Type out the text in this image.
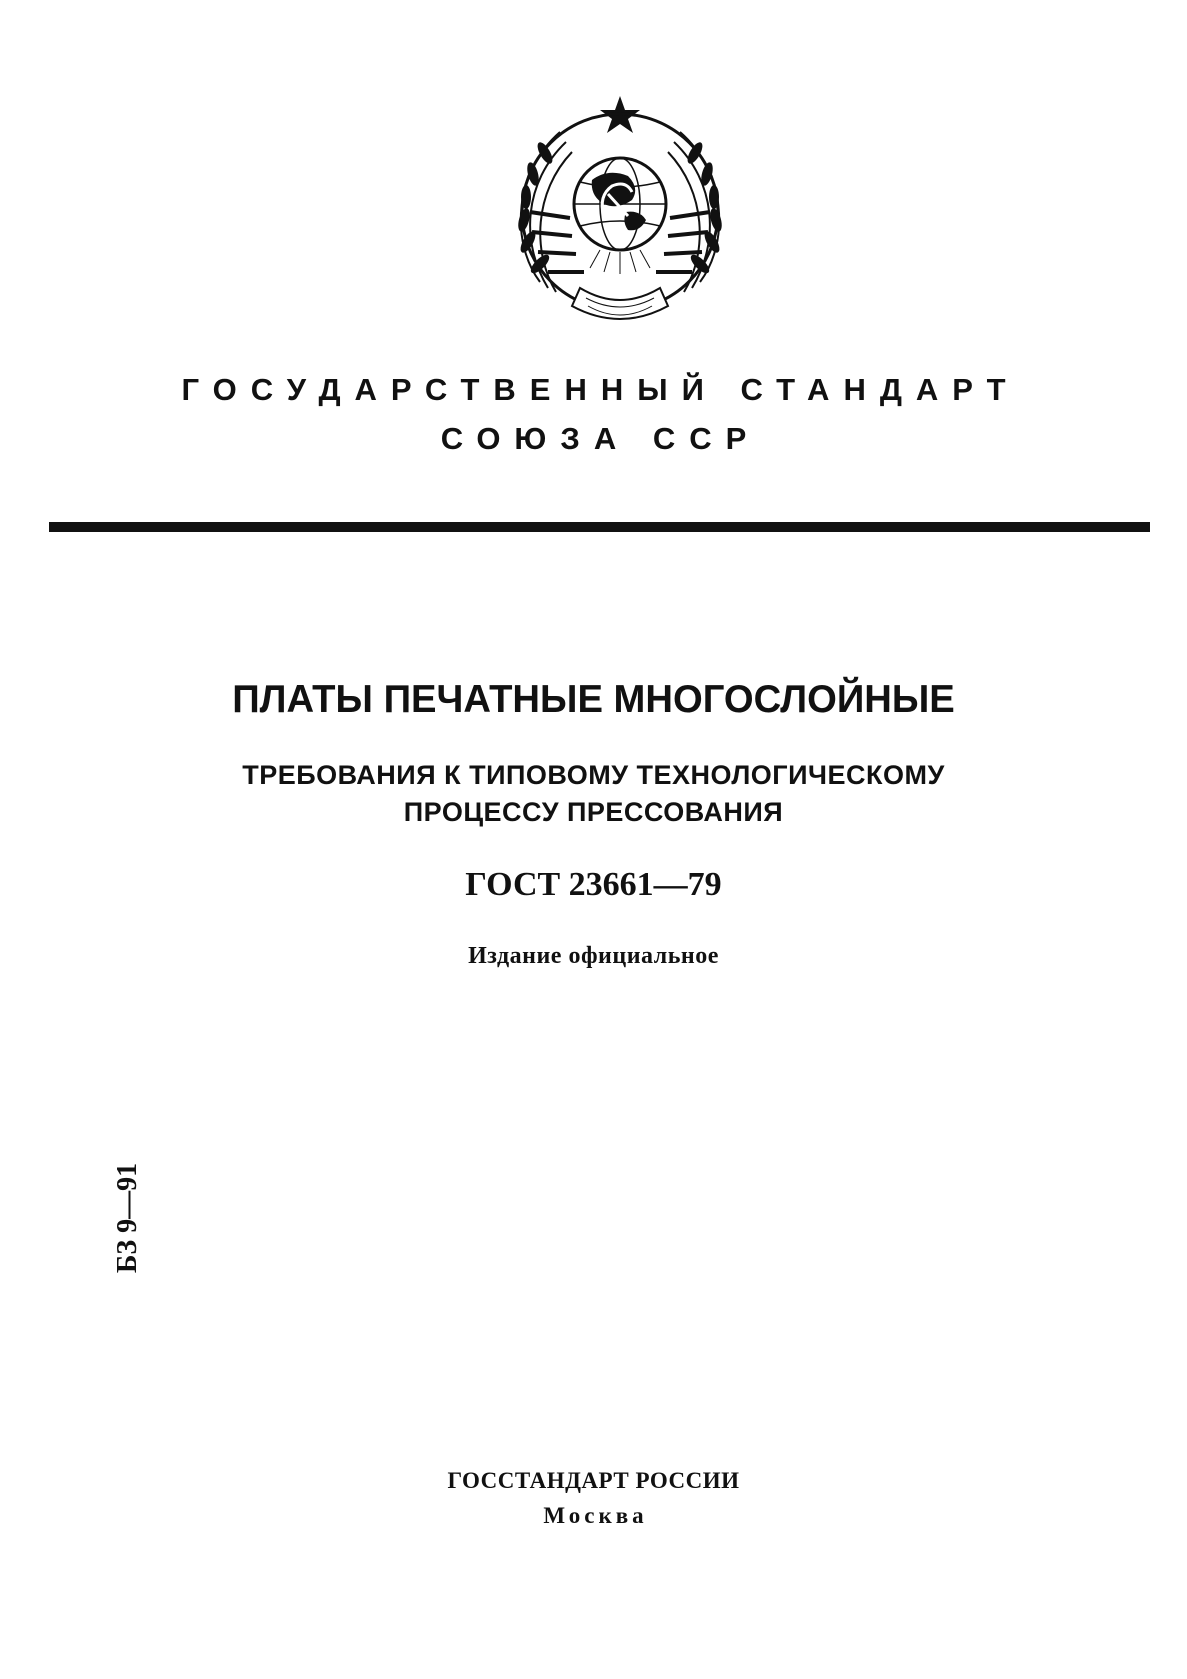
ГОСУДАРСТВЕННЫЙ СТАНДАРТ
СОЮЗА ССР
ПЛАТЫ ПЕЧАТНЫЕ МНОГОСЛОЙНЫЕ
ТРЕБОВАНИЯ К ТИПОВОМУ ТЕХНОЛОГИЧЕСКОМУ
ПРОЦЕССУ ПРЕССОВАНИЯ
ГОСТ 23661—79
Издание официальное
БЗ 9—91
ГОССТАНДАРТ РОССИИ
Москва
